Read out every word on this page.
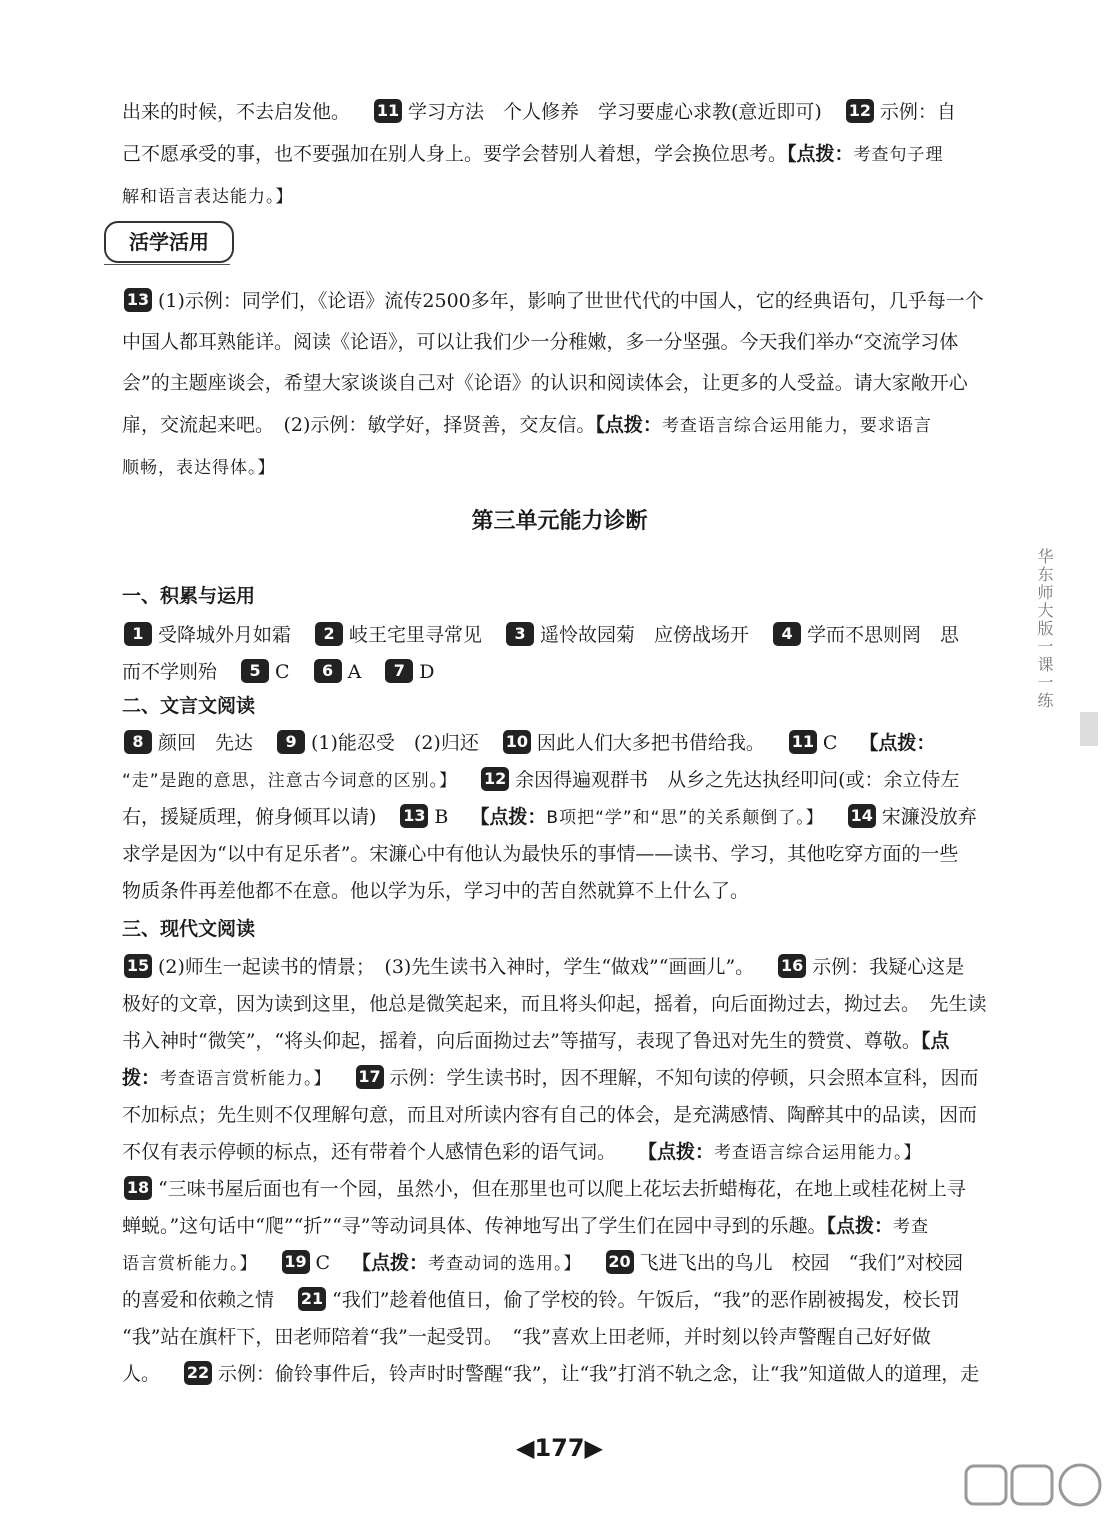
活学活用
第三单元能力诊断
一、积累与运用
二、文言文阅读
三、现代文阅读
出来的时候，不去启发他。 11 学习方法　个人修养　学习要虚心求教(意近即可) 12 示例：自
己不愿承受的事，也不要强加在别人身上。要学会替别人着想，学会换位思考。【点拨：考查句子理
解和语言表达能力。】
13 (1)示例：同学们，《论语》流传2500多年，影响了世世代代的中国人，它的经典语句，几乎每一个
中国人都耳熟能详。阅读《论语》，可以让我们少一分稚嫩，多一分坚强。今天我们举办“交流学习体
会”的主题座谈会，希望大家谈谈自己对《论语》的认识和阅读体会，让更多的人受益。请大家敞开心
扉，交流起来吧。　(2)示例：敏学好，择贤善，交友信。【点拨：考查语言综合运用能力，要求语言
顺畅，表达得体。】
1 受降城外月如霜 2 岐王宅里寻常见 3 遥怜故园菊　应傍战场开 4 学而不思则罔　思
而不学则殆 5 C 6 A 7 D
8 颜回　先达 9 (1)能忍受　(2)归还 10 因此人们大多把书借给我。 11 C 【点拨：
“走”是跑的意思，注意古今词意的区别。】 12 余因得遍观群书　从乡之先达执经叩问(或：余立侍左
右，援疑质理，俯身倾耳以请) 13 B 【点拨：B项把“学”和“思”的关系颠倒了。】 14 宋濂没放弃
求学是因为“以中有足乐者”。宋濂心中有他认为最快乐的事情——读书、学习，其他吃穿方面的一些
物质条件再差他都不在意。他以学为乐，学习中的苦自然就算不上什么了。
15 (2)师生一起读书的情景；　(3)先生读书入神时，学生“做戏”“画画儿”。 16 示例：我疑心这是
极好的文章，因为读到这里，他总是微笑起来，而且将头仰起，摇着，向后面拗过去，拗过去。　先生读
书入神时“微笑”，“将头仰起，摇着，向后面拗过去”等描写，表现了鲁迅对先生的赞赏、尊敬。【点
拨：考查语言赏析能力。】 17 示例：学生读书时，因不理解，不知句读的停顿，只会照本宣科，因而
不加标点；先生则不仅理解句意，而且对所读内容有自己的体会，是充满感情、陶醉其中的品读，因而
不仅有表示停顿的标点，还有带着个人感情色彩的语气词。 【点拨：考查语言综合运用能力。】
18 “三味书屋后面也有一个园，虽然小，但在那里也可以爬上花坛去折蜡梅花，在地上或桂花树上寻
蝉蜕。”这句话中“爬”“折”“寻”等动词具体、传神地写出了学生们在园中寻到的乐趣。【点拨：考查
语言赏析能力。】 19 C 【点拨：考查动词的选用。】 20 飞进飞出的鸟儿　校园　“我们”对校园
的喜爱和依赖之情 21 “我们”趁着他值日，偷了学校的铃。午饭后，“我”的恶作剧被揭发，校长罚
“我”站在旗杆下，田老师陪着“我”一起受罚。　“我”喜欢上田老师，并时刻以铃声警醒自己好好做
人。 22 示例：偷铃事件后，铃声时时警醒“我”，让“我”打消不轨之念，让“我”知道做人的道理，走
◀177▶
华东师大版一课一练
